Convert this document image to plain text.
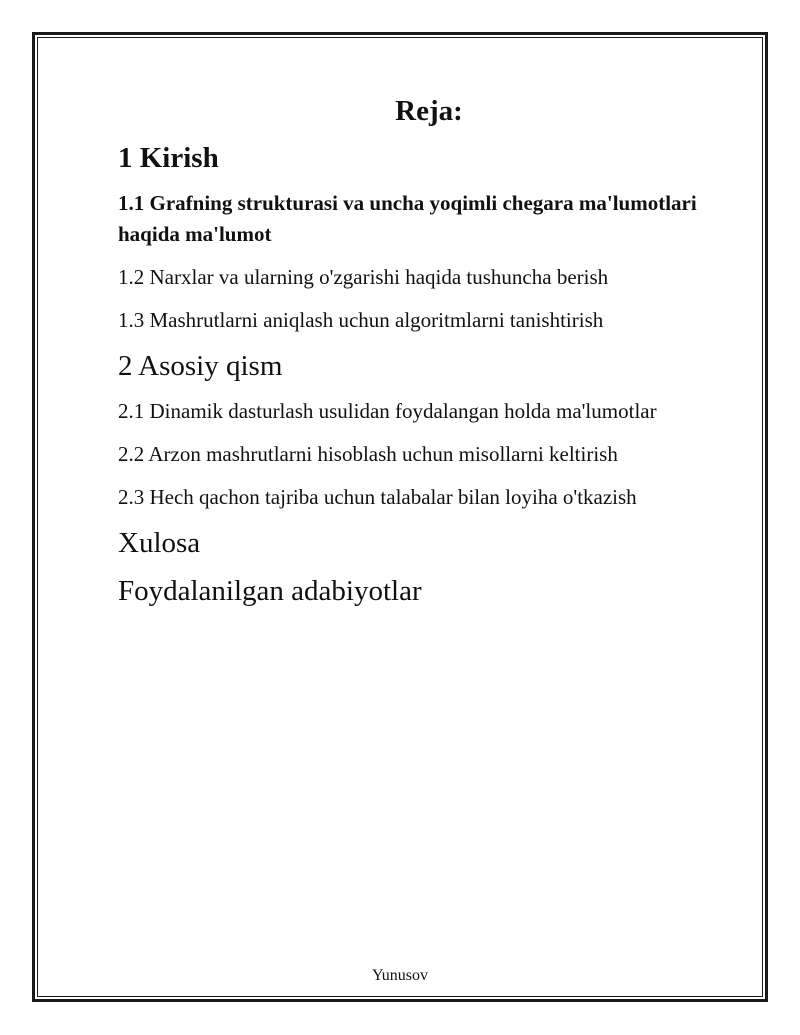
Reja:
1 Kirish
1.1 Grafning strukturasi va uncha yoqimli chegara ma'lumotlari haqida ma'lumot
1.2 Narxlar va ularning o'zgarishi haqida tushuncha berish
1.3 Mashrutlarni aniqlash uchun algoritmlarni tanishtirish
2 Asosiy qism
2.1 Dinamik dasturlash usulidan foydalangan holda ma'lumotlar
2.2 Arzon mashrutlarni hisoblash uchun misollarni keltirish
2.3 Hech qachon tajriba uchun talabalar bilan loyiha o'tkazish
Xulosa
Foydalanilgan adabiyotlar
Yunusov
